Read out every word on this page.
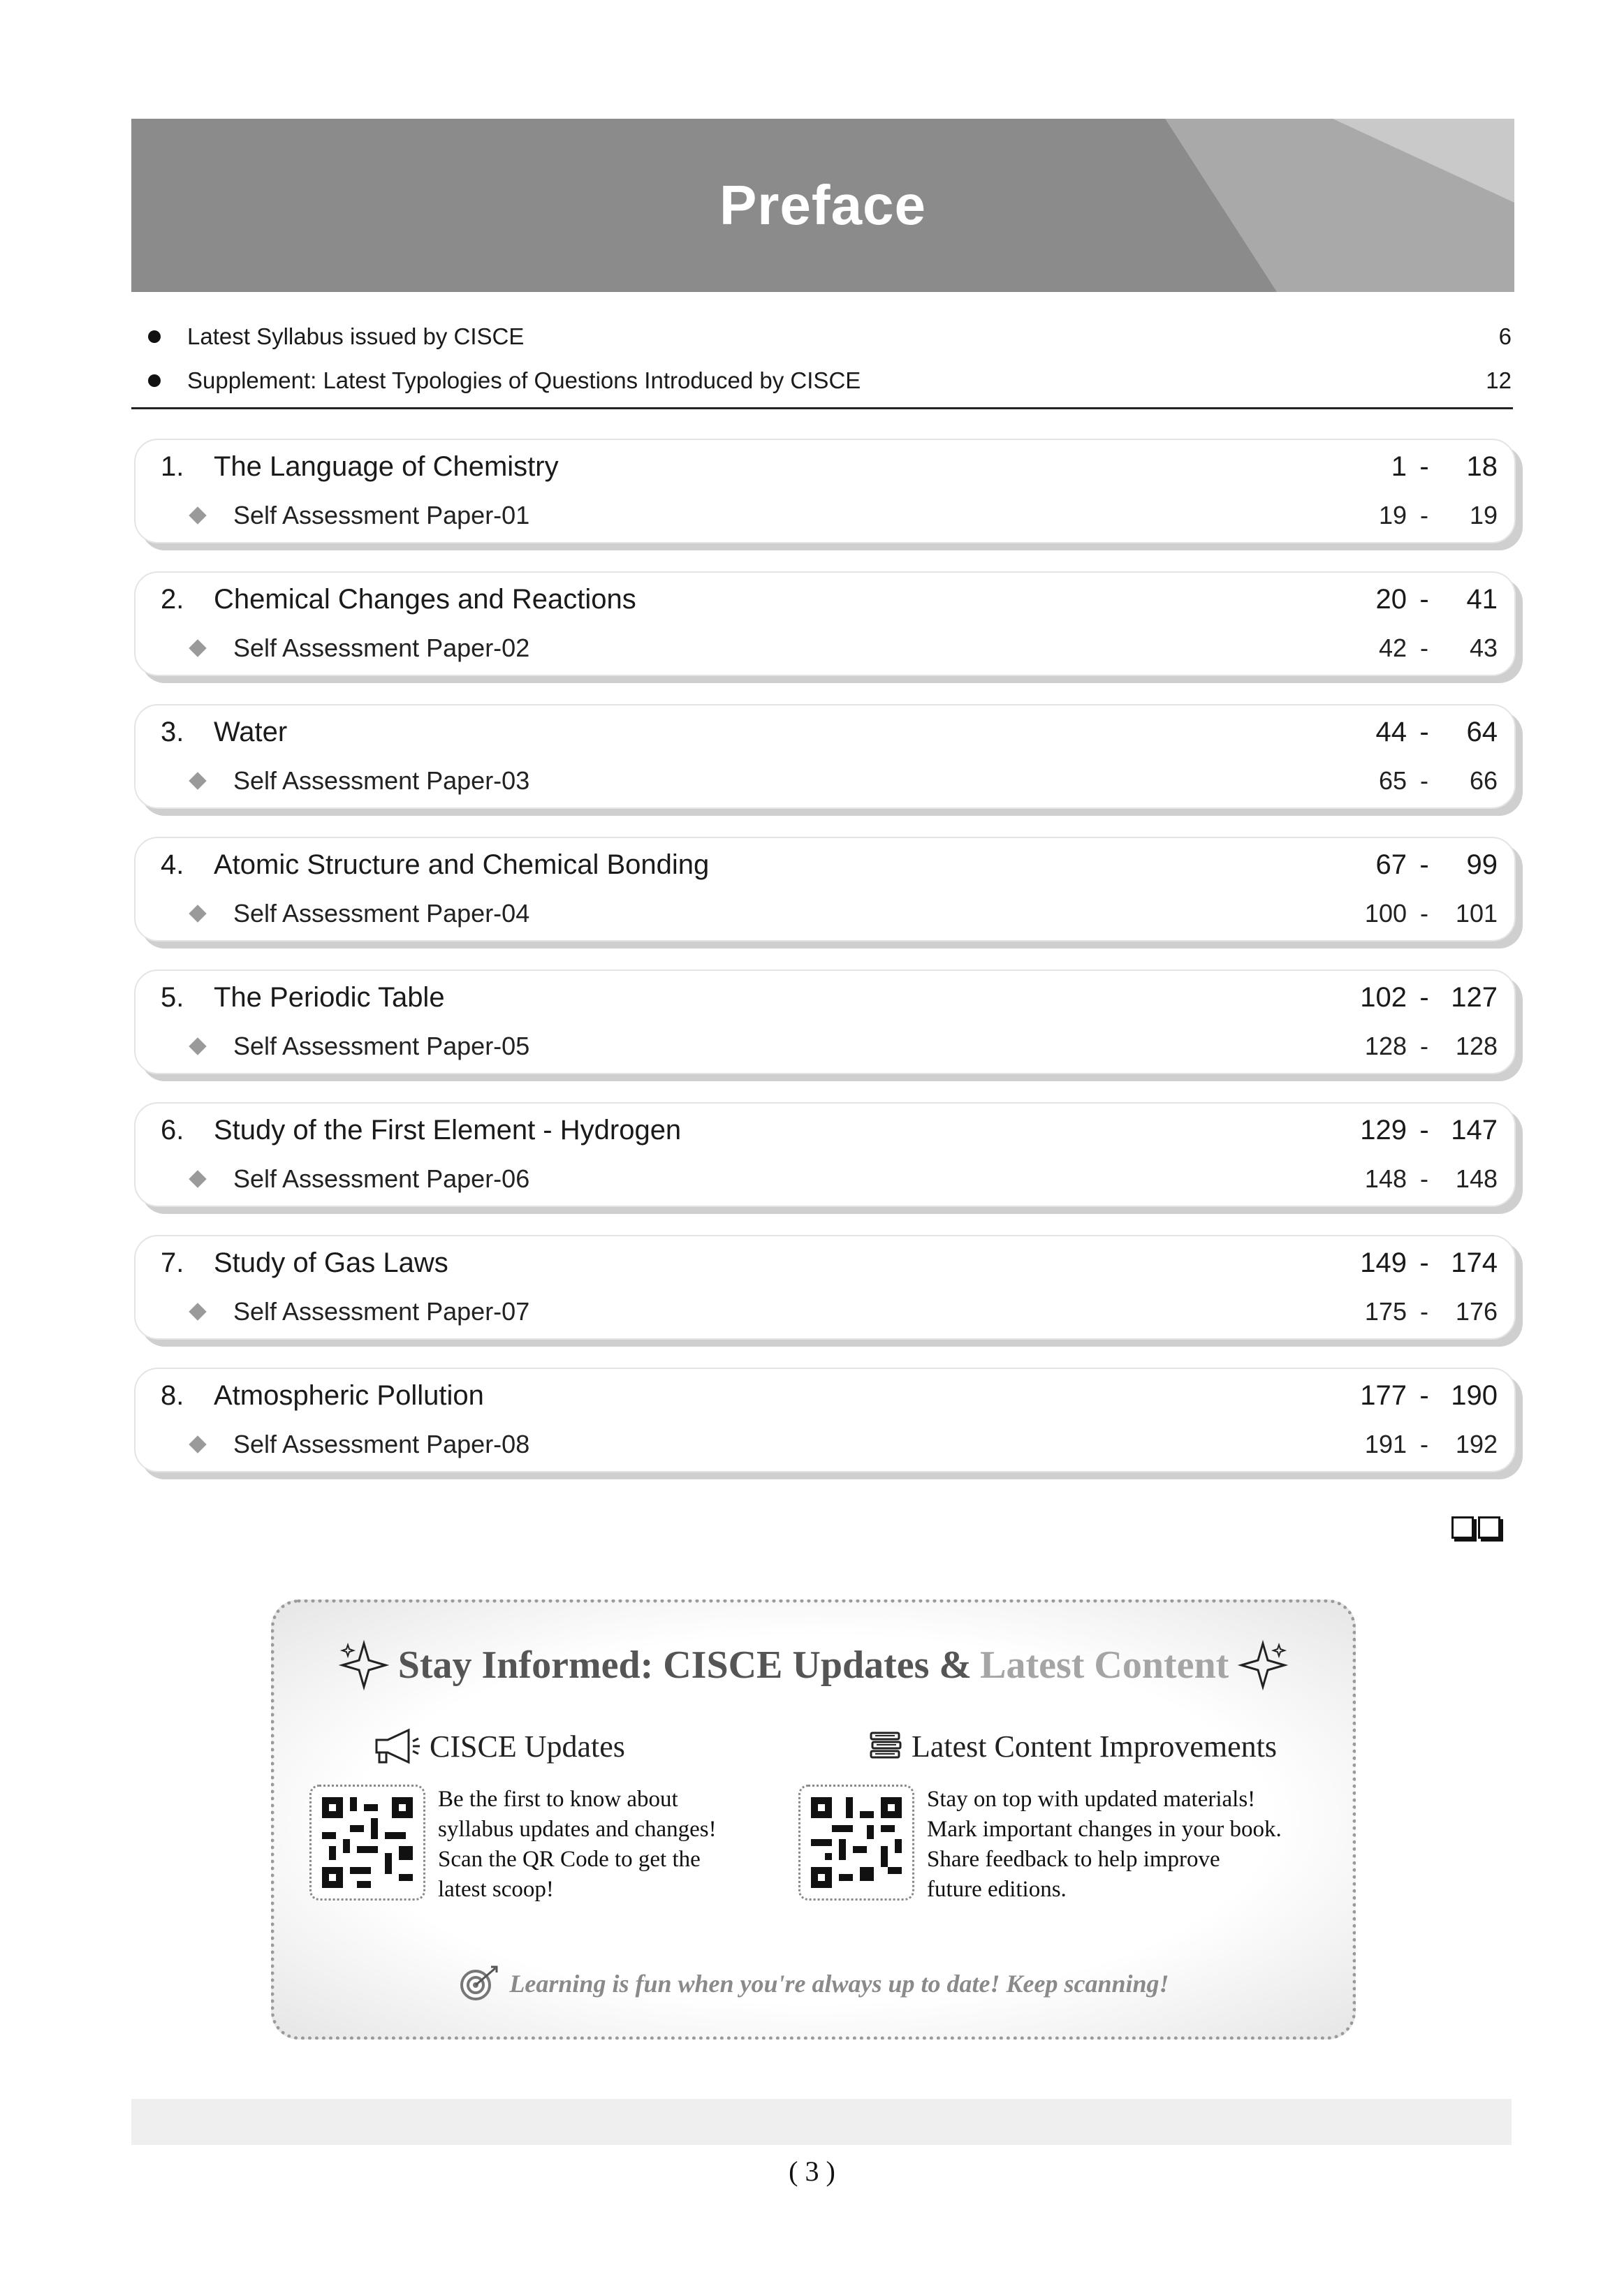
Preface
Latest Syllabus issued by CISCE	6
Supplement: Latest Typologies of Questions Introduced by CISCE	12
1.	The Language of Chemistry	1 -	18
Self Assessment Paper-01	19 -	19
2.	Chemical Changes and Reactions	20 -	41
Self Assessment Paper-02	42 -	43
3.	Water	44 -	64
Self Assessment Paper-03	65 -	66
4.	Atomic Structure and Chemical Bonding	67 -	99
Self Assessment Paper-04	100 -	101
5.	The Periodic Table	102 - 127
Self Assessment Paper-05	128 -	128
6.	Study of the First Element - Hydrogen	129 - 147
Self Assessment Paper-06	148 -	148
7.	Study of Gas Laws	149 - 174
Self Assessment Paper-07	175 -	176
8.	Atmospheric Pollution	177 - 190
Self Assessment Paper-08	191 -	192
Stay Informed: CISCE Updates & Latest Content
CISCE Updates
Be the first to know about
syllabus updates and changes!
Scan the QR Code to get the
latest scoop!
Latest Content Improvements
Stay on top with updated materials!
Mark important changes in your book.
Share feedback to help improve
future editions.
Learning is fun when you're always up to date! Keep scanning!
( 3 )
